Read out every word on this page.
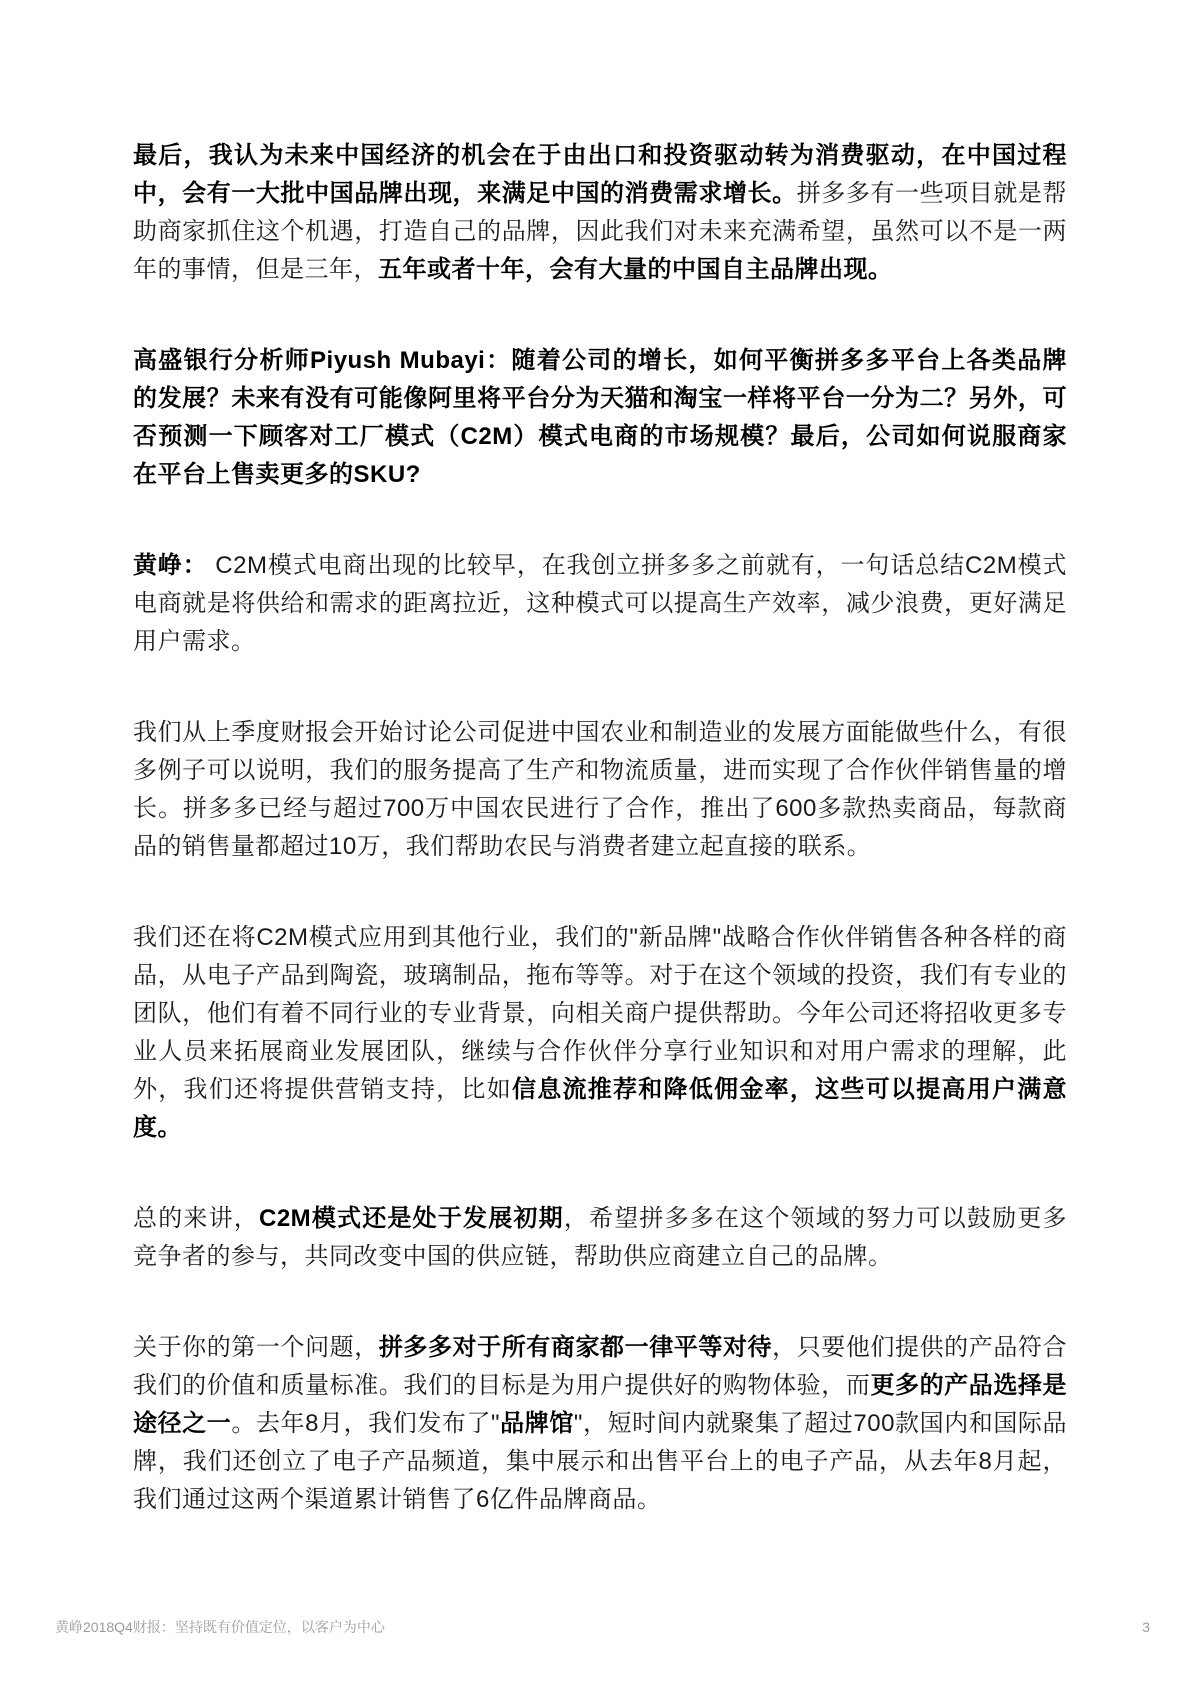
最后，我认为未来中国经济的机会在于由出口和投资驱动转为消费驱动，在中国过程中，会有一大批中国品牌出现，来满足中国的消费需求增长。拼多多有一些项目就是帮助商家抓住这个机遇，打造自己的品牌，因此我们对未来充满希望，虽然可以不是一两年的事情，但是三年，五年或者十年，会有大量的中国自主品牌出现。

高盛银行分析师Piyush Mubayi：随着公司的增长，如何平衡拼多多平台上各类品牌的发展？未来有没有可能像阿里将平台分为天猫和淘宝一样将平台一分为二？另外，可否预测一下顾客对工厂模式（C2M）模式电商的市场规模？最后，公司如何说服商家在平台上售卖更多的SKU?

黄峥： C2M模式电商出现的比较早，在我创立拼多多之前就有，一句话总结C2M模式电商就是将供给和需求的距离拉近，这种模式可以提高生产效率，减少浪费，更好满足用户需求。

我们从上季度财报会开始讨论公司促进中国农业和制造业的发展方面能做些什么，有很多例子可以说明，我们的服务提高了生产和物流质量，进而实现了合作伙伴销售量的增长。拼多多已经与超过700万中国农民进行了合作，推出了600多款热卖商品，每款商品的销售量都超过10万，我们帮助农民与消费者建立起直接的联系。

我们还在将C2M模式应用到其他行业，我们的"新品牌"战略合作伙伴销售各种各样的商品，从电子产品到陶瓷，玻璃制品，拖布等等。对于在这个领域的投资，我们有专业的团队，他们有着不同行业的专业背景，向相关商户提供帮助。今年公司还将招收更多专业人员来拓展商业发展团队，继续与合作伙伴分享行业知识和对用户需求的理解，此外，我们还将提供营销支持，比如信息流推荐和降低佣金率，这些可以提高用户满意度。

总的来讲，C2M模式还是处于发展初期，希望拼多多在这个领域的努力可以鼓励更多竞争者的参与，共同改变中国的供应链，帮助供应商建立自己的品牌。

关于你的第一个问题，拼多多对于所有商家都一律平等对待，只要他们提供的产品符合我们的价值和质量标准。我们的目标是为用户提供好的购物体验，而更多的产品选择是途径之一。去年8月，我们发布了"品牌馆"，短时间内就聚集了超过700款国内和国际品牌，我们还创立了电子产品频道，集中展示和出售平台上的电子产品，从去年8月起，我们通过这两个渠道累计销售了6亿件品牌商品。

黄峥2018Q4财报：坚持既有价值定位，以客户为中心	3
